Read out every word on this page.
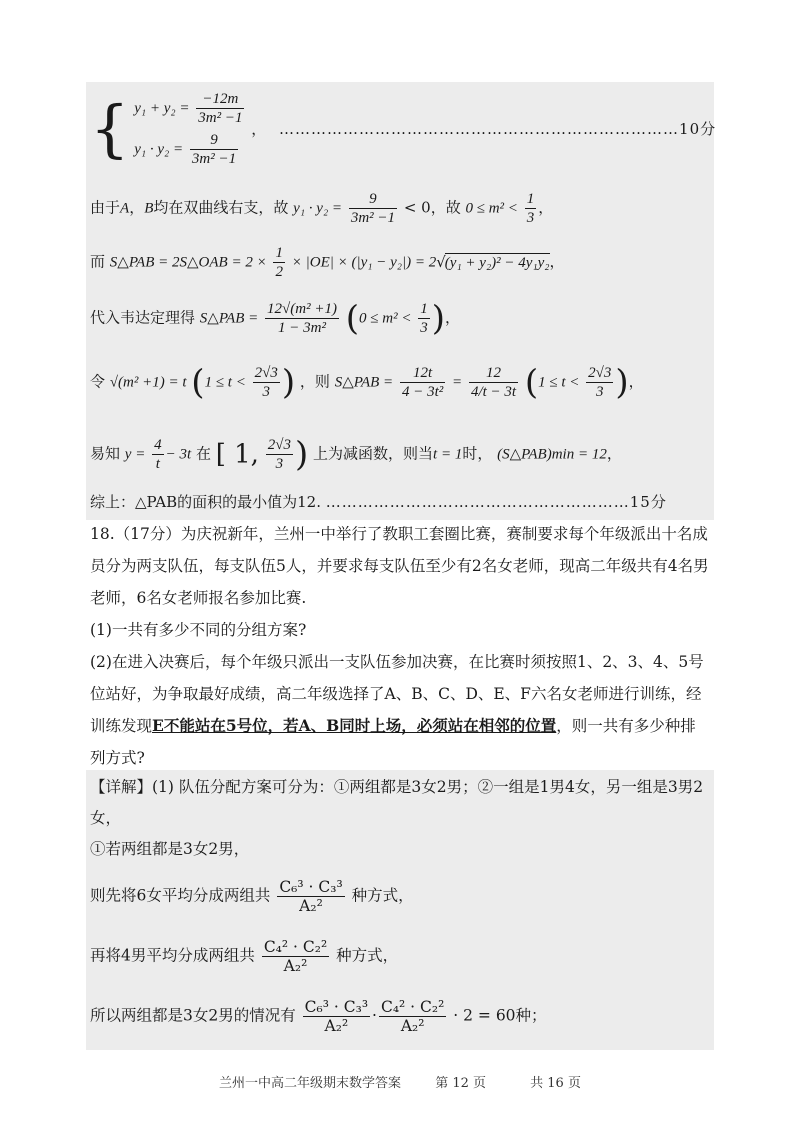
{ $y_1 + y_2 = \frac{-12m}{\text{3m² −1}}$
$y_1 \cdot y_2 = \frac{9}{\text{3m² −1}}$
， …………………………………………………………………10分
由于A，B均在双曲线右支，故 $y_1 \cdot y_2 = \frac{9}{\text{3m² −1}} < 0$，故 $0 \le m^2 < \frac{1}{3}$ ，
而 S△PAB = 2S△OAB = $2 \times \frac{1}{2} \times |OE| \times (|y_1 - y_2|) = 2√(y_1 + y_2)^2 - 4y_1y_2$，
代入韦达定理得 S△PAB = $\frac{\text{12√(m² +1)}}{\text{1 − 3m²}} (0 \le m^2 < \frac{1}{3}$ )，
令 √(m² +1) = t ($1 \le t < \frac{2√3}{3}$ ) ，则 S△PAB = $\frac{12t}{\text{4 − 3t²}} = \frac{12}{4/t - 3t} (1 \le t < \frac{2√3}{3}$ )，
易知 $y = \frac{4}{t} - 3t$ 在 [ 1, $\frac{2√3}{3}$ ) 上为减函数，则当t = 1时， (S△PAB)min = 12，
综上：△PAB的面积的最小值为12. …………………………………………………15分
18.（17分）为庆祝新年，兰州一中举行了教职工套圈比赛，赛制要求每个年级派出十名成员分为两支队伍，每支队伍5人，并要求每支队伍至少有2名女老师，现高二年级共有4名男老师，6名女老师报名参加比赛.
(1)一共有多少不同的分组方案?
(2)在进入决赛后，每个年级只派出一支队伍参加决赛，在比赛时须按照1、2、3、4、5号位站好，为争取最好成绩，高二年级选择了A、B、C、D、E、F六名女老师进行训练，经训练发现E不能站在5号位，若A、B同时上场，必须站在相邻的位置，则一共有多少种排列方式?
【详解】(1) 队伍分配方案可分为：①两组都是3女2男；②一组是1男4女，另一组是3男2女，
①若两组都是3女2男，
则先将6女平均分成两组共 $\frac{\text{C₆³ · C₃³}}{\text{A₂²}}$ 种方式，
再将4男平均分成两组共 $\frac{\text{C₄² · C₂²}}{\text{A₂²}}$ 种方式，
所以两组都是3女2男的情况有 $\frac{\text{C₆³ · C₃³}}{\text{A₂²}} \cdot \frac{\text{C₄² · C₂²}}{\text{A₂²}} \cdot 2 = 60$种；
兰州一中高二年级期末数学答案	第 12 页	共 16 页
